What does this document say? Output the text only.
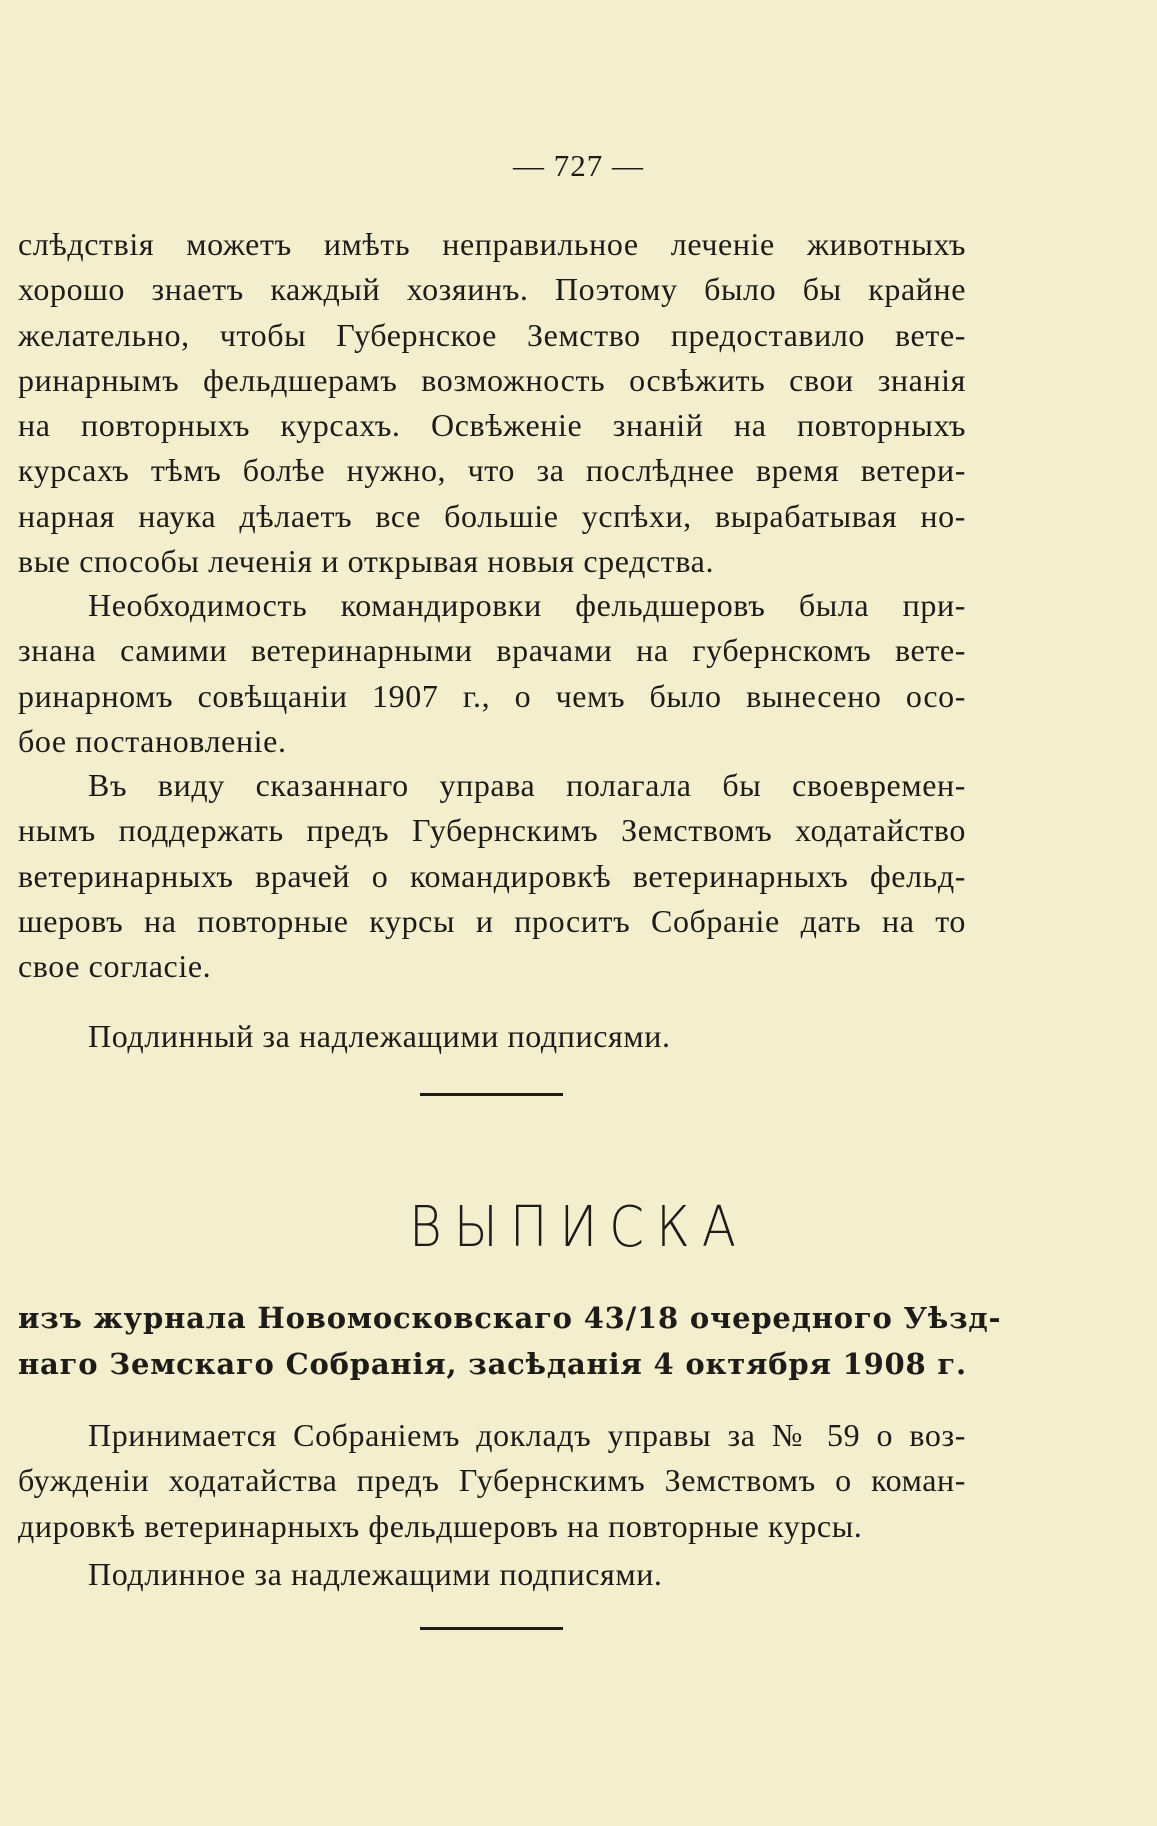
— 727 —
слѣдствія можетъ имѣть неправильное леченіе животныхъ
хорошо знаетъ каждый хозяинъ. Поэтому было бы крайне
желательно, чтобы Губернское Земство предоставило вете-
ринарнымъ фельдшерамъ возможность освѣжить свои знанія
на повторныхъ курсахъ. Освѣженіе знаній на повторныхъ
курсахъ тѣмъ болѣе нужно, что за послѣднее время ветери-
нарная наука дѣлаетъ все большіе успѣхи, вырабатывая но-
вые способы леченія и открывая новыя средства.
Необходимость командировки фельдшеровъ была при-
знана самими ветеринарными врачами на губернскомъ вете-
ринарномъ совѣщаніи 1907 г., о чемъ было вынесено осо-
бое постановленіе.
Въ виду сказаннаго управа полагала бы своевремен-
нымъ поддержать предъ Губернскимъ Земствомъ ходатайство
ветеринарныхъ врачей о командировкѣ ветеринарныхъ фельд-
шеровъ на повторные курсы и проситъ Собраніе дать на то
свое согласіе.
Подлинный за надлежащими подписями.
ВЫПИСКА
изъ журнала Новомосковскаго 43/18 очередного Уѣзд-
наго Земскаго Собранія, засѣданія 4 октября 1908 г.
Принимается Собраніемъ докладъ управы за № 59 о воз-
бужденіи ходатайства предъ Губернскимъ Земствомъ о коман-
дировкѣ ветеринарныхъ фельдшеровъ на повторные курсы.
Подлинное за надлежащими подписями.
